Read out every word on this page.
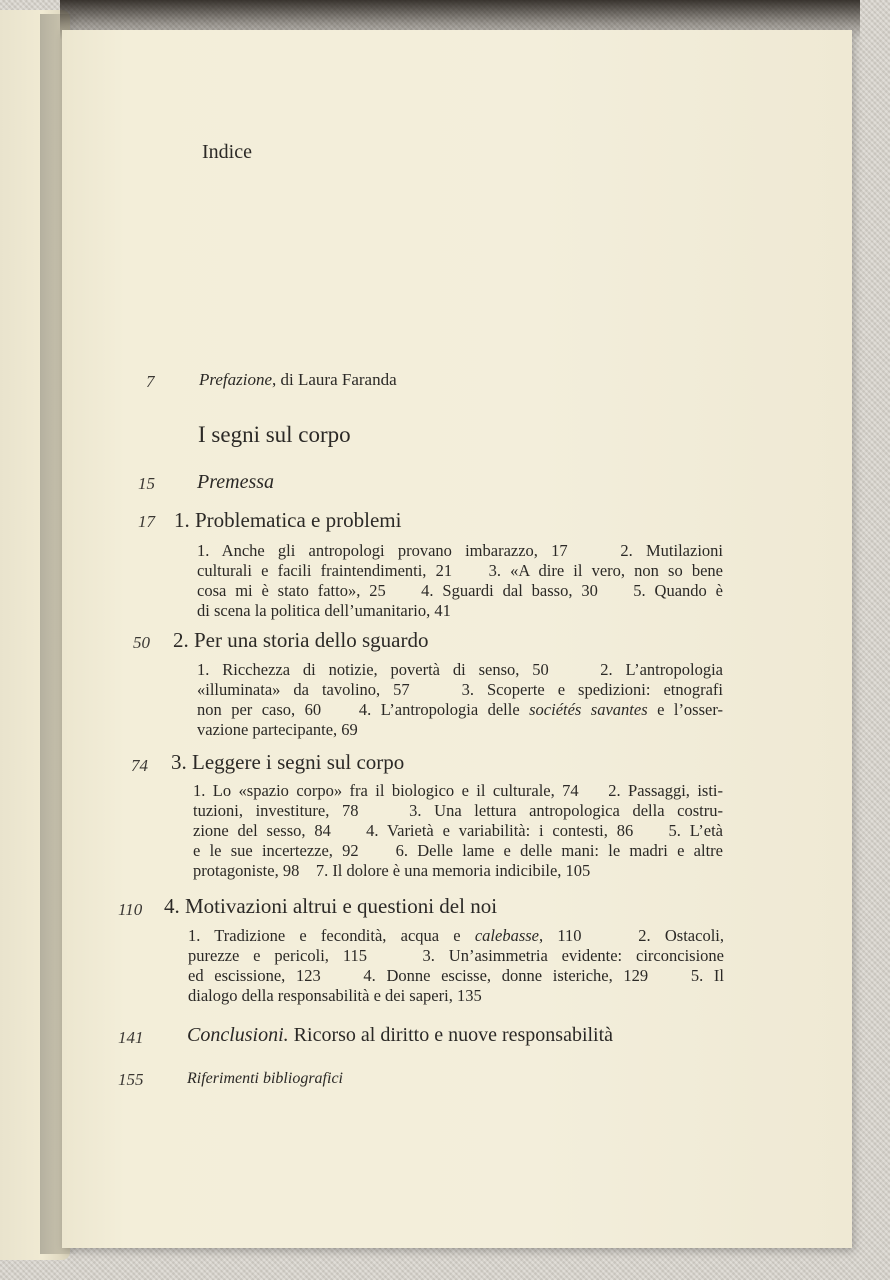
Indice
7	Prefazione, di Laura Faranda
I segni sul corpo
15 Premessa
17 1. Problematica e problemi
1. Anche gli antropologi provano imbarazzo, 17    2. Mutilazioni
culturali e facili fraintendimenti, 21    3. «A dire il vero, non so bene
cosa mi è stato fatto», 25    4. Sguardi dal basso, 30    5. Quando è
di scena la politica dell’umanitario, 41
50 2. Per una storia dello sguardo
1. Ricchezza di notizie, povertà di senso, 50    2. L’antropologia
«illuminata» da tavolino, 57    3. Scoperte e spedizioni: etnografi
non per caso, 60    4. L’antropologia delle sociétés savantes e l’osser-
vazione partecipante, 69
74 3. Leggere i segni sul corpo
1. Lo «spazio corpo» fra il biologico e il culturale, 74    2. Passaggi, isti-
tuzioni, investiture, 78    3. Una lettura antropologica della costru-
zione del sesso, 84    4. Varietà e variabilità: i contesti, 86    5. L’età
e le sue incertezze, 92    6. Delle lame e delle mani: le madri e altre
protagoniste, 98    7. Il dolore è una memoria indicibile, 105
110 4. Motivazioni altrui e questioni del noi
1. Tradizione e fecondità, acqua e calebasse, 110    2. Ostacoli,
purezze e pericoli, 115    3. Un’asimmetria evidente: circoncisione
ed escissione, 123    4. Donne escisse, donne isteriche, 129    5. Il
dialogo della responsabilità e dei saperi, 135
141 Conclusioni. Ricorso al diritto e nuove responsabilità
155	Riferimenti bibliografici
